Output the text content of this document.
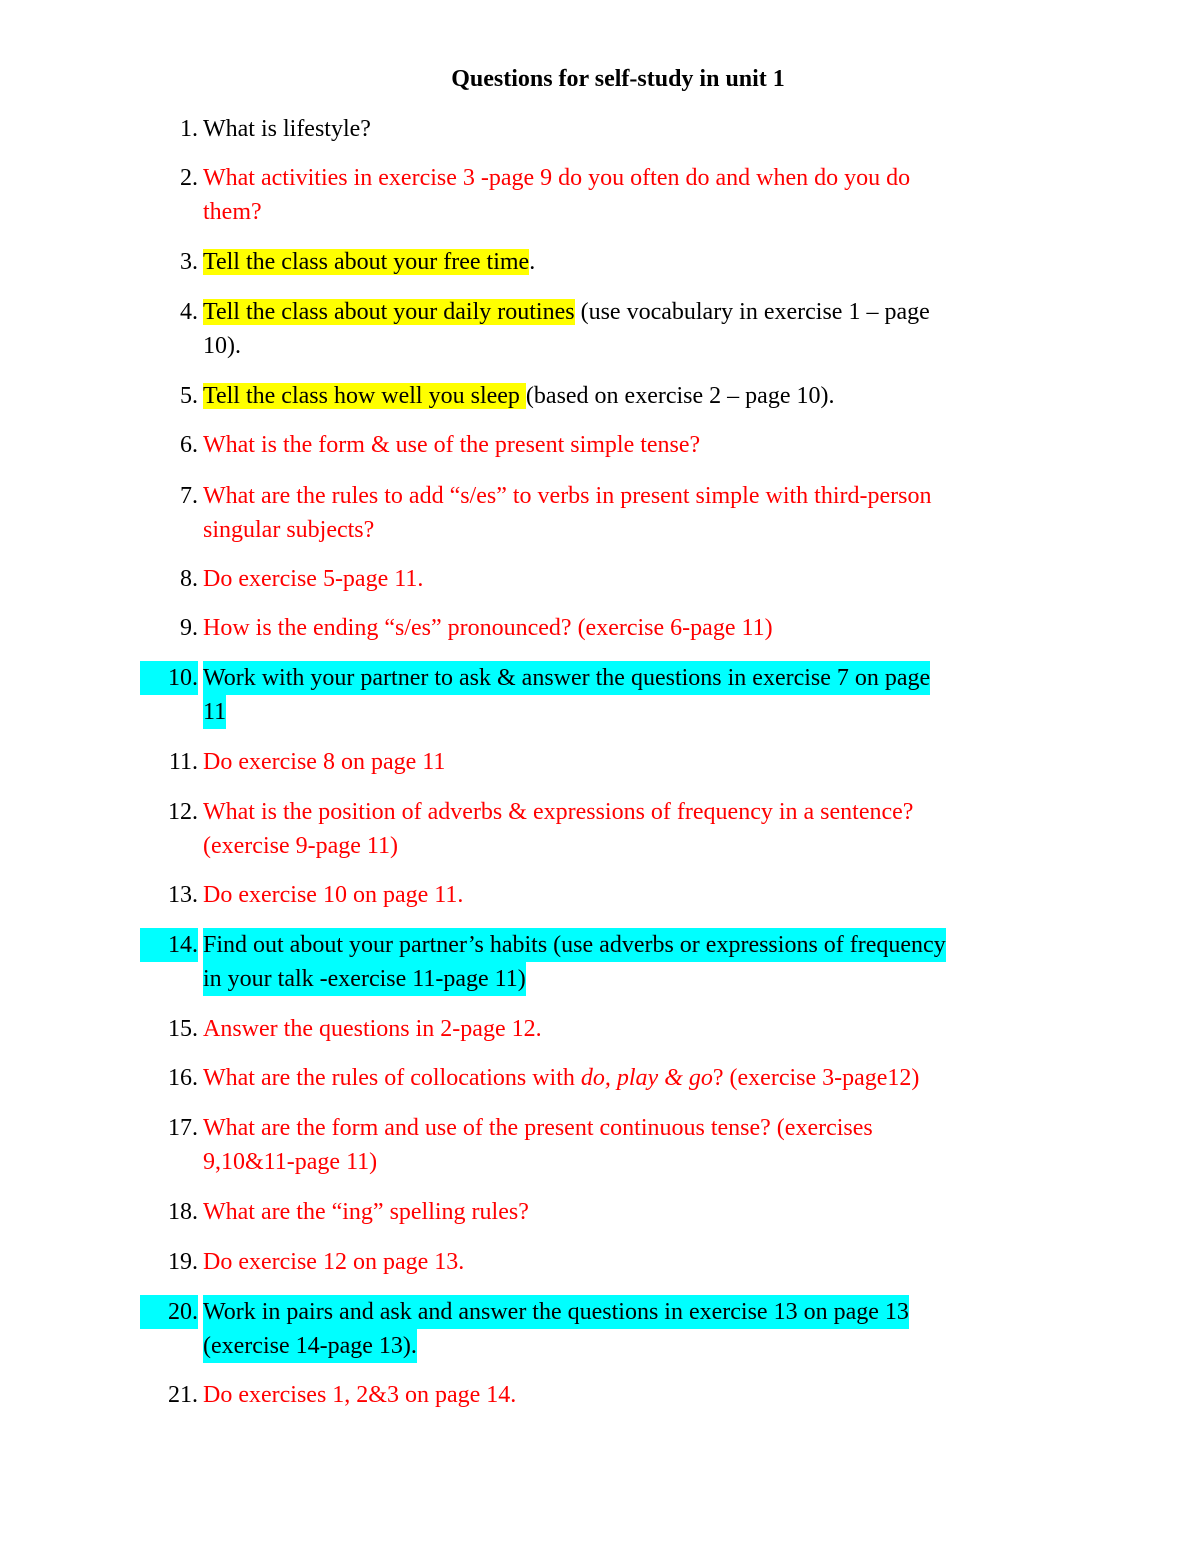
Questions for self-study in unit 1
1. What is lifestyle?
2. What activities in exercise 3 -page 9 do you often do and when do you do
them?
3. Tell the class about your free time.
4. Tell the class about your daily routines (use vocabulary in exercise 1 – page
10).
5. Tell the class how well you sleep (based on exercise 2 – page 10).
6. What is the form & use of the present simple tense?
7. What are the rules to add “s/es” to verbs in present simple with third-person
singular subjects?
8. Do exercise 5-page 11.
9. How is the ending “s/es” pronounced? (exercise 6-page 11)
10. Work with your partner to ask & answer the questions in exercise 7 on page
11
11. Do exercise 8 on page 11
12. What is the position of adverbs & expressions of frequency in a sentence?
(exercise 9-page 11)
13. Do exercise 10 on page 11.
14. Find out about your partner’s habits (use adverbs or expressions of frequency
in your talk -exercise 11-page 11)
15. Answer the questions in 2-page 12.
16. What are the rules of collocations with do, play & go? (exercise 3-page12)
17. What are the form and use of the present continuous tense? (exercises
9,10&11-page 11)
18. What are the “ing” spelling rules?
19. Do exercise 12 on page 13.
20. Work in pairs and ask and answer the questions in exercise 13 on page 13
(exercise 14-page 13).
21. Do exercises 1, 2&3 on page 14.
